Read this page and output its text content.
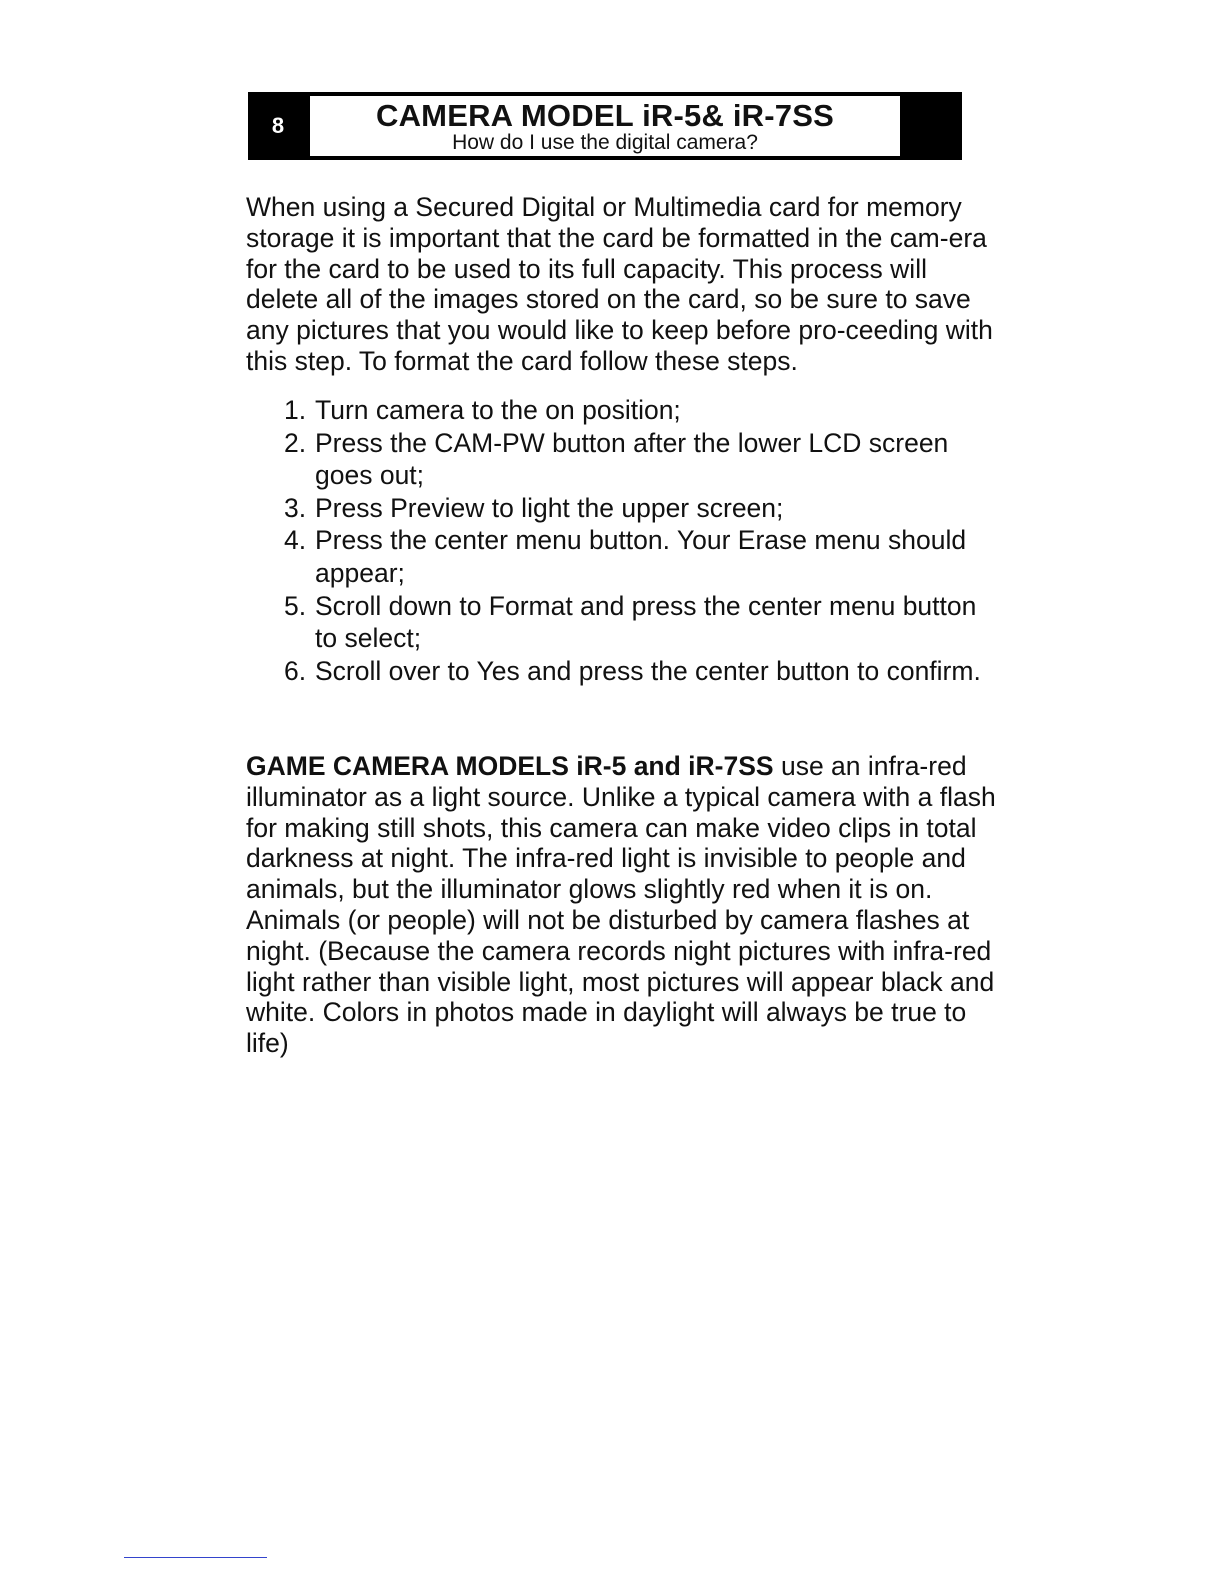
8	CAMERA MODEL iR-5& iR-7SS
How do I use the digital camera?
When using a Secured Digital or Multimedia card for memory storage it is important that the card be formatted in the cam-era for the card to be used to its full capacity. This process will delete all of the images stored on the card, so be sure to save any pictures that you would like to keep before pro-ceeding with this step. To format the card follow these steps.
1. Turn camera to the on position;
2. Press the CAM-PW button after the lower LCD screen goes out;
3. Press Preview to light the upper screen;
4. Press the center menu button. Your Erase menu should appear;
5. Scroll down to Format and press the center menu button to select;
6. Scroll over to Yes and press the center button to confirm.
GAME CAMERA MODELS iR-5 and iR-7SS use an infra-red illuminator as a light source. Unlike a typical camera with a flash for making still shots, this camera can make video clips in total darkness at night. The infra-red light is invisible to people and animals, but the illuminator glows slightly red when it is on. Animals (or people) will not be disturbed by camera flashes at night. (Because the camera records night pictures with infra-red light rather than visible light, most pictures will appear black and white. Colors in photos made in daylight will always be true to life)
